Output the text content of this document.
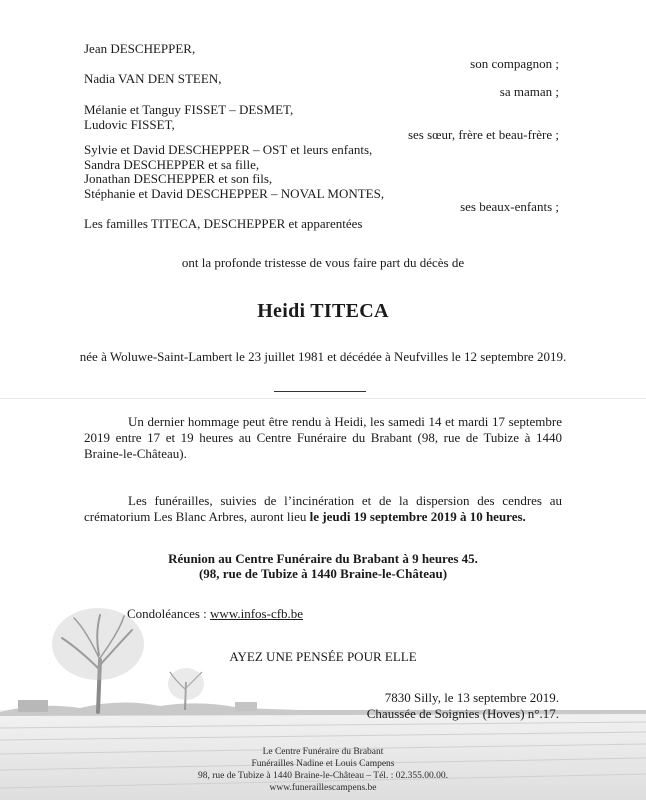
Jean DESCHEPPER,
son compagnon ;
Nadia VAN DEN STEEN,
sa maman ;
Mélanie et Tanguy FISSET – DESMET,
Ludovic FISSET,
ses sœur, frère et beau-frère ;
Sylvie et David DESCHEPPER – OST et leurs enfants,
Sandra DESCHEPPER et sa fille,
Jonathan DESCHEPPER et son fils,
Stéphanie et David DESCHEPPER – NOVAL MONTES,
ses beaux-enfants ;
Les familles TITECA, DESCHEPPER et apparentées
ont la profonde tristesse de vous faire part du décès de
Heidi TITECA
née à Woluwe-Saint-Lambert le 23 juillet 1981 et décédée à Neufvilles le 12 septembre 2019.
Un dernier hommage peut être rendu à Heidi, les samedi 14 et mardi 17 septembre 2019 entre 17 et 19 heures au Centre Funéraire du Brabant (98, rue de Tubize à 1440 Braine-le-Château).
Les funérailles, suivies de l’incinération et de la dispersion des cendres au crématorium Les Blanc Arbres, auront lieu le jeudi 19 septembre 2019 à 10 heures.
Réunion au Centre Funéraire du Brabant à 9 heures 45.
(98, rue de Tubize à 1440 Braine-le-Château)
Condoléances : www.infos-cfb.be
AYEZ UNE PENSÉE POUR ELLE
7830 Silly, le 13 septembre 2019.
Chaussée de Soignies (Hoves) n°.17.
Le Centre Funéraire du Brabant
Funérailles Nadine et Louis Campens
98, rue de Tubize à 1440 Braine-le-Château – Tél. : 02.355.00.00. www.funeraillescampens.be
